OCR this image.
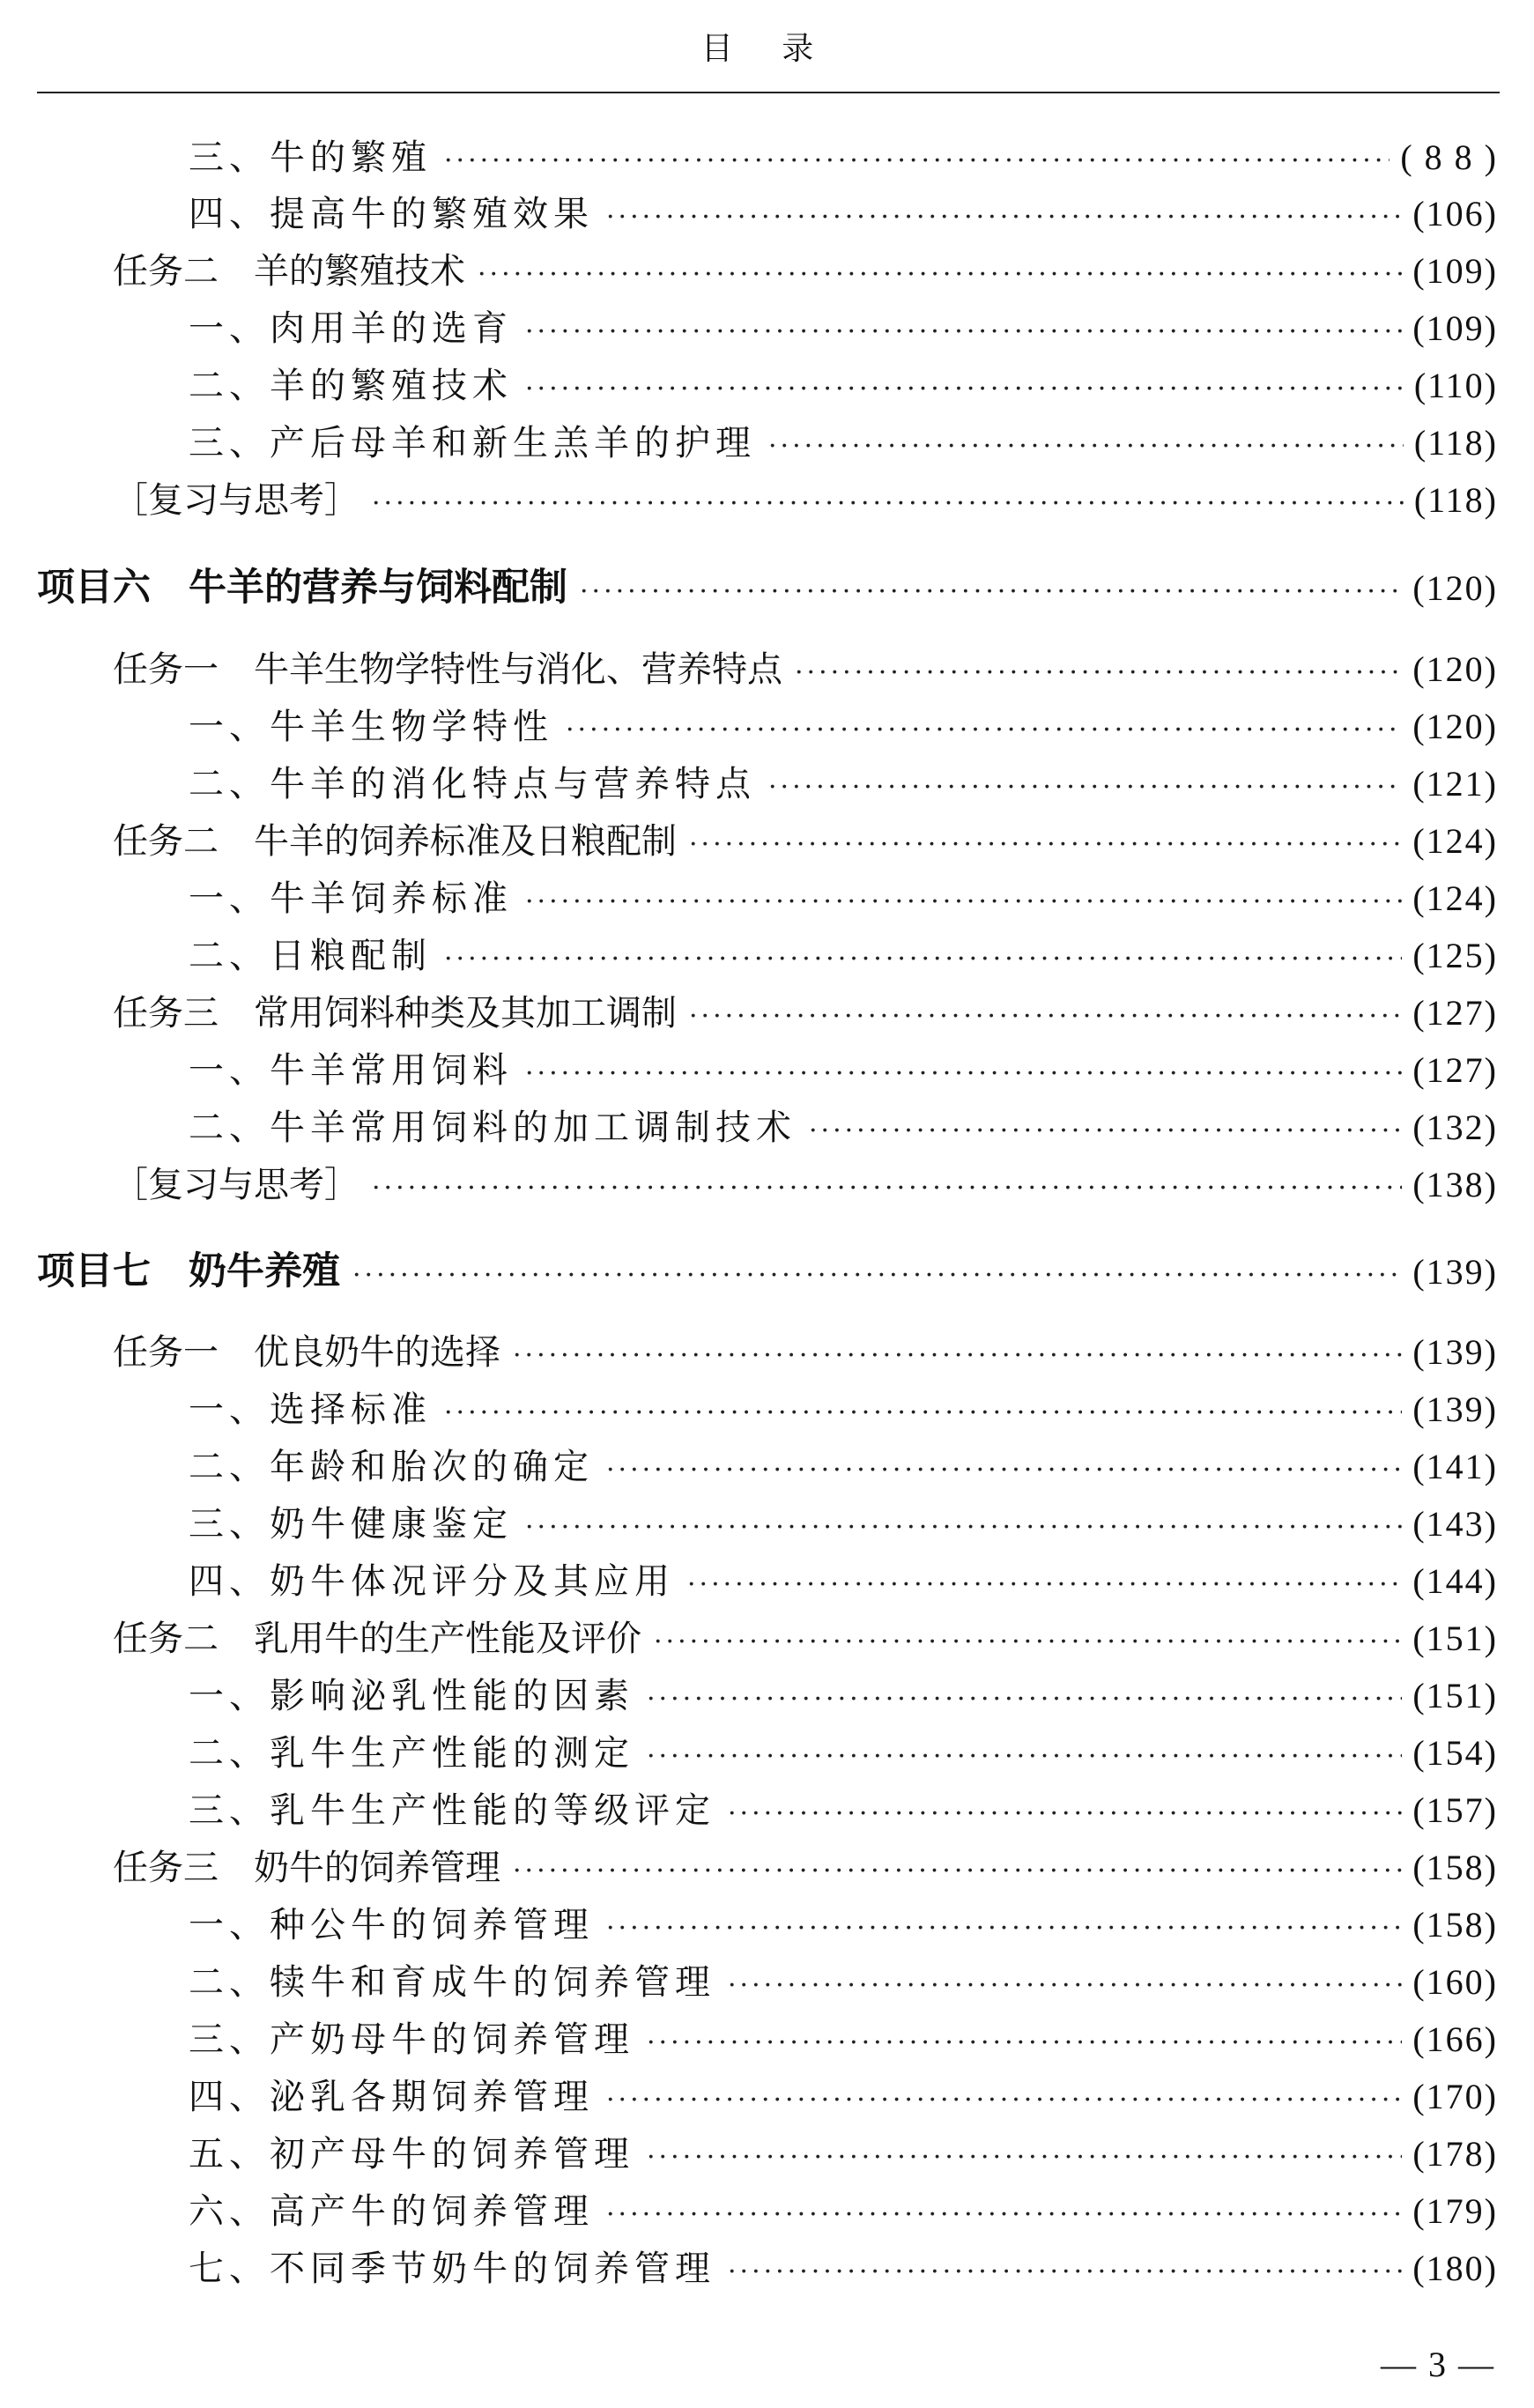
目 录
三、牛的繁殖 ·····	( 8 8 )
四、提高牛的繁殖效果 ·····	(106)
任务二　羊的繁殖技术 ·····	(109)
一、肉用羊的选育 ·····	(109)
二、羊的繁殖技术 ·····	(110)
三、产后母羊和新生羔羊的护理 ·····	(118)
［复习与思考］ ·····	(118)
项目六　牛羊的营养与饲料配制 ·····	(120)
任务一　牛羊生物学特性与消化、营养特点 ·····	(120)
一、牛羊生物学特性 ·····	(120)
二、牛羊的消化特点与营养特点 ·····	(121)
任务二　牛羊的饲养标准及日粮配制 ·····	(124)
一、牛羊饲养标准 ·····	(124)
二、日粮配制 ·····	(125)
任务三　常用饲料种类及其加工调制 ·····	(127)
一、牛羊常用饲料 ·····	(127)
二、牛羊常用饲料的加工调制技术 ·····	(132)
［复习与思考］ ·····	(138)
项目七　奶牛养殖 ·····	(139)
任务一　优良奶牛的选择 ·····	(139)
一、选择标准 ·····	(139)
二、年龄和胎次的确定 ·····	(141)
三、奶牛健康鉴定 ·····	(143)
四、奶牛体况评分及其应用 ·····	(144)
任务二　乳用牛的生产性能及评价 ·····	(151)
一、影响泌乳性能的因素 ·····	(151)
二、乳牛生产性能的测定 ·····	(154)
三、乳牛生产性能的等级评定 ·····	(157)
任务三　奶牛的饲养管理 ·····	(158)
一、种公牛的饲养管理 ·····	(158)
二、犊牛和育成牛的饲养管理 ·····	(160)
三、产奶母牛的饲养管理 ·····	(166)
四、泌乳各期饲养管理 ·····	(170)
五、初产母牛的饲养管理 ·····	(178)
六、高产牛的饲养管理 ·····	(179)
七、不同季节奶牛的饲养管理 ·····	(180)
— 3 —
